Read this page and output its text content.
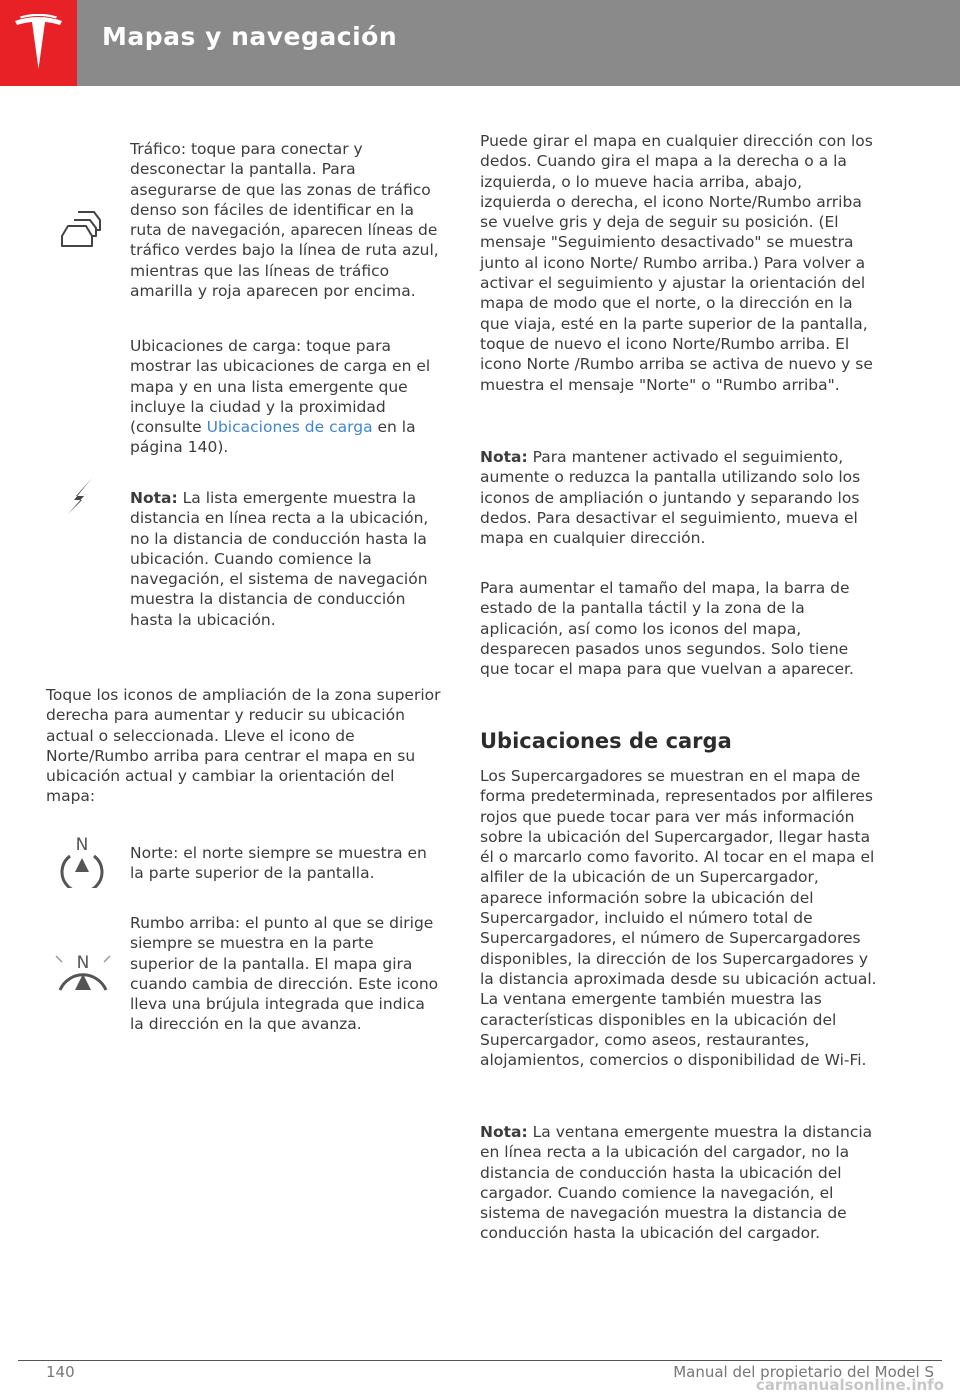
Mapas y navegación

Tráfico: toque para conectar y desconectar la pantalla. Para asegurarse de que las zonas de tráfico denso son fáciles de identificar en la ruta de navegación, aparecen líneas de tráfico verdes bajo la línea de ruta azul, mientras que las líneas de tráfico amarilla y roja aparecen por encima.

Ubicaciones de carga: toque para mostrar las ubicaciones de carga en el mapa y en una lista emergente que incluye la ciudad y la proximidad (consulte Ubicaciones de carga en la página 140).

Nota: La lista emergente muestra la distancia en línea recta a la ubicación, no la distancia de conducción hasta la ubicación. Cuando comience la navegación, el sistema de navegación muestra la distancia de conducción hasta la ubicación.

Toque los iconos de ampliación de la zona superior derecha para aumentar y reducir su ubicación actual o seleccionada. Lleve el icono de Norte/Rumbo arriba para centrar el mapa en su ubicación actual y cambiar la orientación del mapa:

N	Norte: el norte siempre se muestra en la parte superior de la pantalla.

N

Rumbo arriba: el punto al que se dirige siempre se muestra en la parte superior de la pantalla. El mapa gira cuando cambia de dirección. Este icono lleva una brújula integrada que indica la dirección en la que avanza.

Puede girar el mapa en cualquier dirección con los dedos. Cuando gira el mapa a la derecha o a la izquierda, o lo mueve hacia arriba, abajo, izquierda o derecha, el icono Norte/Rumbo arriba se vuelve gris y deja de seguir su posición. (El mensaje "Seguimiento desactivado" se muestra junto al icono Norte/ Rumbo arriba.) Para volver a activar el seguimiento y ajustar la orientación del mapa de modo que el norte, o la dirección en la que viaja, esté en la parte superior de la pantalla, toque de nuevo el icono Norte/Rumbo arriba. El icono Norte /Rumbo arriba se activa de nuevo y se muestra el mensaje "Norte" o "Rumbo arriba".

Nota: Para mantener activado el seguimiento, aumente o reduzca la pantalla utilizando solo los iconos de ampliación o juntando y separando los dedos. Para desactivar el seguimiento, mueva el mapa en cualquier dirección.

Para aumentar el tamaño del mapa, la barra de estado de la pantalla táctil y la zona de la aplicación, así como los iconos del mapa, desparecen pasados unos segundos. Solo tiene que tocar el mapa para que vuelvan a aparecer.

Ubicaciones de carga

Los Supercargadores se muestran en el mapa de forma predeterminada, representados por alfileres rojos que puede tocar para ver más información sobre la ubicación del Supercargador, llegar hasta él o marcarlo como favorito. Al tocar en el mapa el alfiler de la ubicación de un Supercargador, aparece información sobre la ubicación del Supercargador, incluido el número total de Supercargadores, el número de Supercargadores disponibles, la dirección de los Supercargadores y la distancia aproximada desde su ubicación actual. La ventana emergente también muestra las características disponibles en la ubicación del Supercargador, como aseos, restaurantes, alojamientos, comercios o disponibilidad de Wi-Fi.

Nota: La ventana emergente muestra la distancia en línea recta a la ubicación del cargador, no la distancia de conducción hasta la ubicación del cargador. Cuando comience la navegación, el sistema de navegación muestra la distancia de conducción hasta la ubicación del cargador.

140	Manual del propietario del Model S

carmanualsonline.info
